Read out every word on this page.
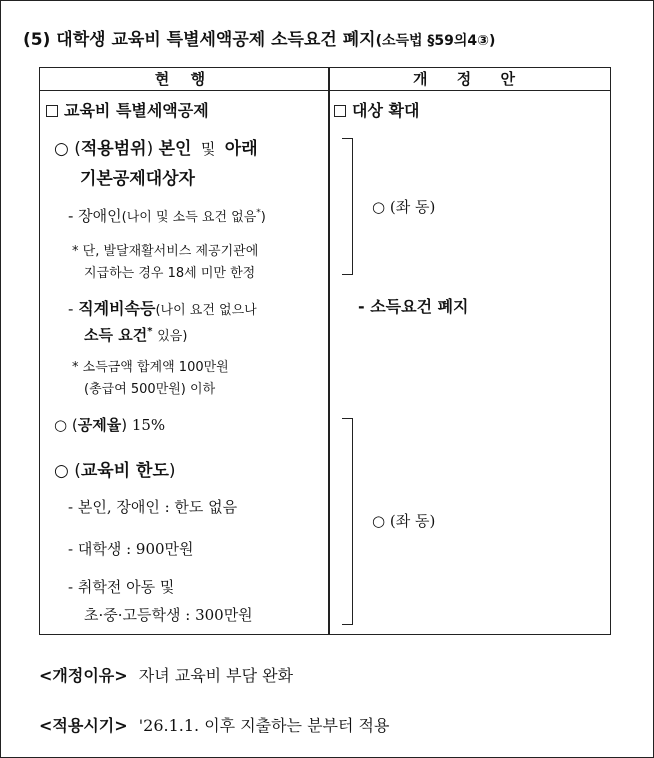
(5) 대학생 교육비 특별세액공제 소득요건 폐지(소득법 §59의4③)
현 행	개 정 안
교육비 특별세액공제
○ (적용범위) 본인 및 아래
기본공제대상자
- 장애인(나이 및 소득 요건 없음*)
* 단, 발달재활서비스 제공기관에
지급하는 경우 18세 미만 한정
- 직계비속등(나이 요건 없으나
소득 요건* 있음)
* 소득금액 합계액 100만원
(총급여 500만원) 이하
○ (공제율) 15%
○ (교육비 한도)
- 본인, 장애인 : 한도 없음
- 대학생 : 900만원
- 취학전 아동 및
초·중·고등학생 : 300만원
대상 확대
○ (좌 동)
- 소득요건 폐지
○ (좌 동)
<개정이유> 자녀 교육비 부담 완화
<적용시기> '26.1.1. 이후 지출하는 분부터 적용
